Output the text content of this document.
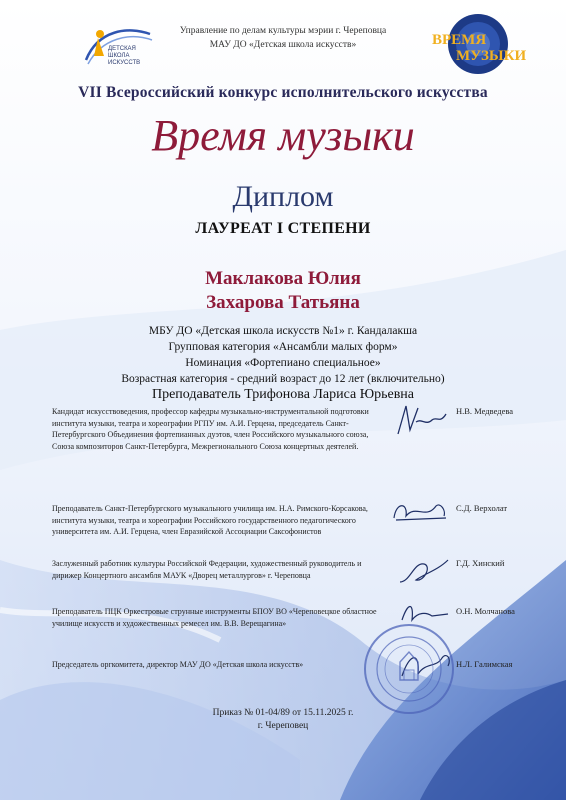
ДЕТСКАЯ
ШКОЛА
ИСКУССТВ
Управление по делам культуры мэрии г. Череповца
МАУ ДО «Детская школа искусств»	ВРЕМЯ
МУЗЫКИ
VII Всероссийский конкурс исполнительского искусства
Время музыки
Диплом
ЛАУРЕАТ I СТЕПЕНИ
Маклакова Юлия
Захарова Татьяна
МБУ ДО «Детская школа искусств №1» г. Кандалакша
Групповая категория «Ансамбли малых форм»
Номинация «Фортепиано специальное»
Возрастная категория - средний возраст до 12 лет (включительно)
Преподаватель Трифонова Лариса Юрьевна
Кандидат искусствоведения, профессор кафедры музыкально-инструментальной подготовки института музыки, театра и хореографии РГПУ им. А.И. Герцена, председатель Санкт-Петербургского Объединения фортепианных дуэтов, член Российского музыкального союза, Союза композиторов Санкт-Петербурга, Межрегионального Союза концертных деятелей.
Н.В. Медведева
Преподаватель Санкт-Петербургского музыкального училища им. Н.А. Римского-Корсакова, института музыки, театра и хореографии Российского государственного педагогического университета им. А.И. Герцена, член Евразийской Ассоциации Саксофонистов
С.Д. Верхолат
Заслуженный работник культуры Российской Федерации, художественный руководитель и дирижер Концертного ансамбля МАУК «Дворец металлургов» г. Череповца
Г.Д. Хинский
Преподаватель ПЦК Оркестровые струнные инструменты БПОУ ВО «Череповецкое областное училище искусств и художественных ремесел им. В.В. Верещагина»
О.Н. Молчанова
Председатель оргкомитета, директор МАУ ДО «Детская школа искусств»	Н.Л. Галимская
Приказ № 01-04/89 от 15.11.2025 г.
г. Череповец
